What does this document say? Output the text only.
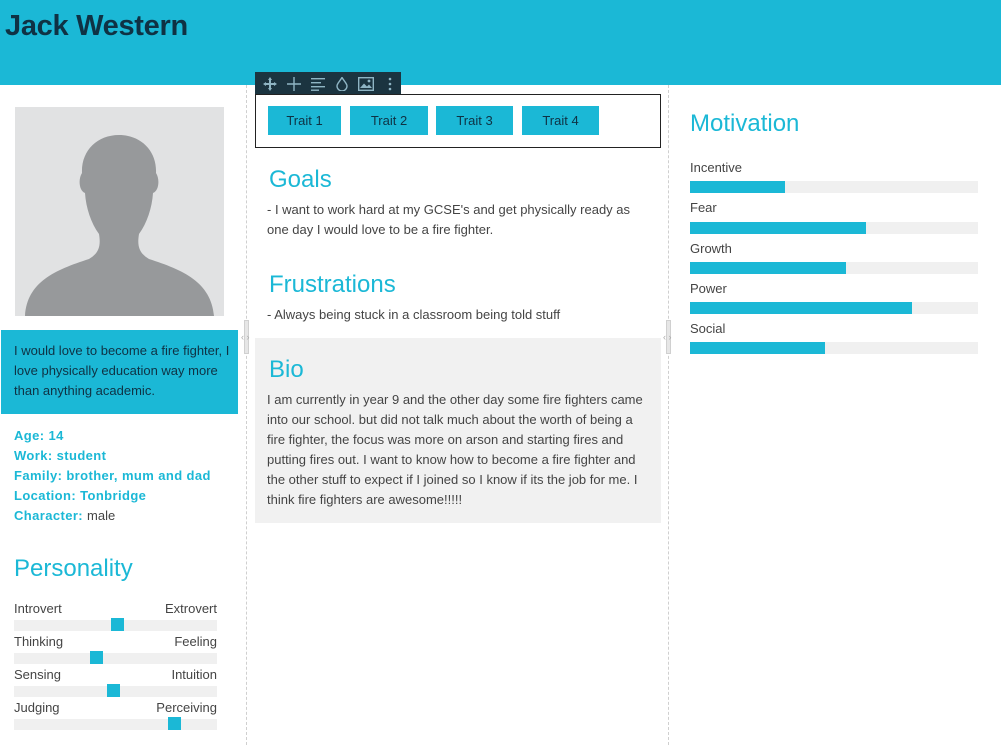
Jack Western
‹ ›	‹ ›
I would love to become a fire fighter, I love physically education way more than anything academic.
Age: 14
Work: student
Family: brother, mum and dad
Location: Tonbridge
Character: male
Personality
Introvert	Extrovert
Thinking	Feeling
Sensing	Intuition
Judging	Perceiving
Trait 1	Trait 2	Trait 3	Trait 4
Goals
- I want to work hard at my GCSE's and get physically ready as one day I would love to be a fire fighter.
Frustrations
- Always being stuck in a classroom being told stuff
Bio
I am currently in year 9 and the other day some fire fighters came into our school. but did not talk much about the worth of being a fire fighter, the focus was more on arson and starting fires and putting fires out. I want to know how to become a fire fighter and the other stuff to expect if I joined so I know if its the job for me. I think fire fighters are awesome!!!!!
Motivation
Incentive
Fear
Growth
Power
Social
